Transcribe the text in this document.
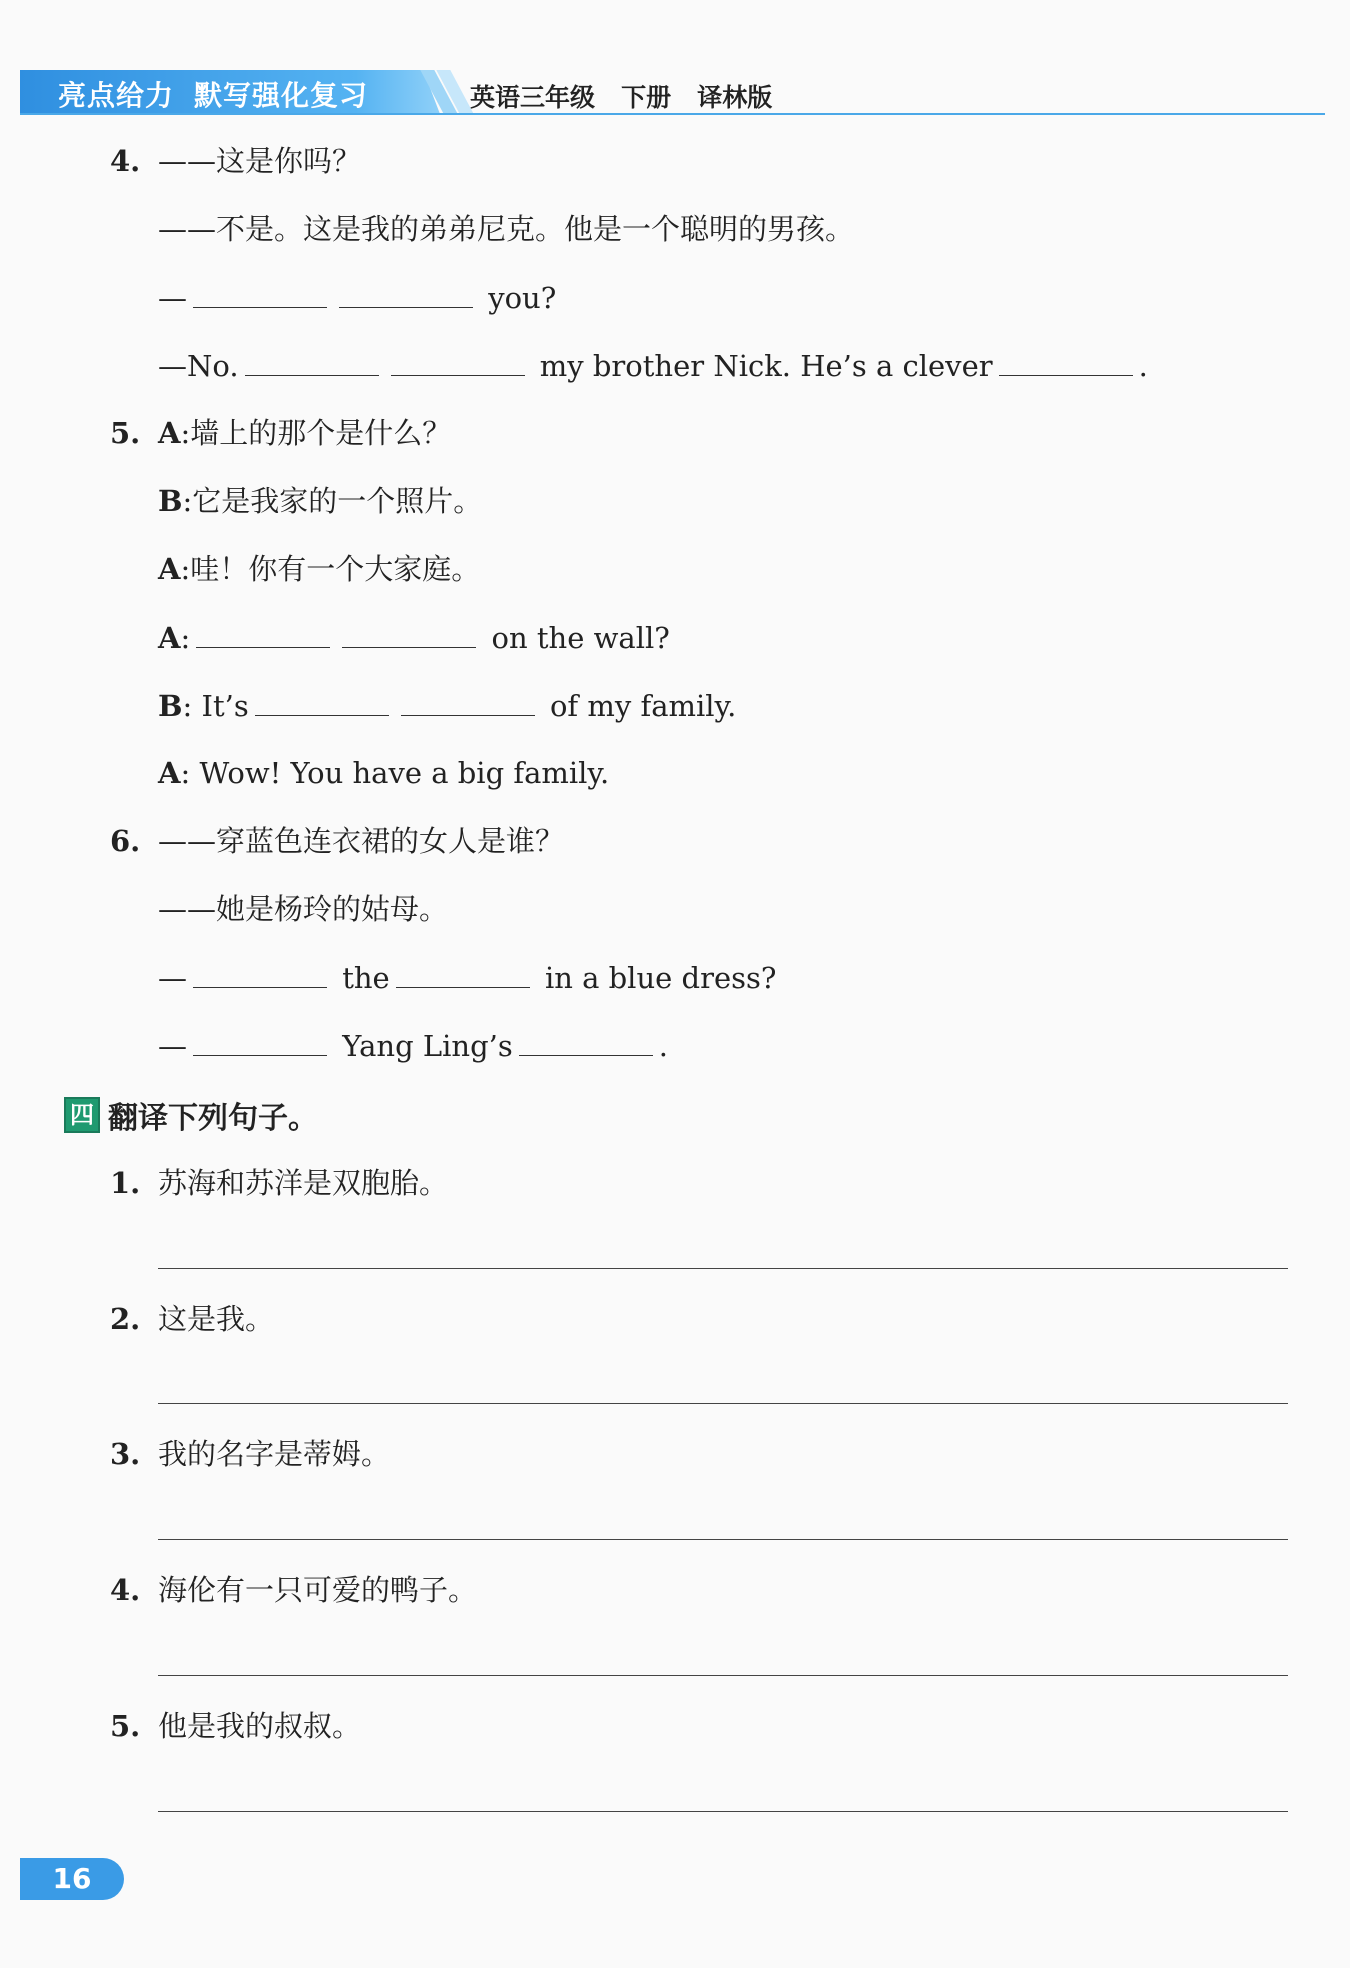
亮点给力 默写强化复习	英语三年级   下册   译林版
4. ——这是你吗？
——不是。这是我的弟弟尼克。他是一个聪明的男孩。
—	you?
—No.	my brother Nick. He’s a clever	.
5. A:墙上的那个是什么？
B:它是我家的一个照片。
A:哇！你有一个大家庭。
A:	on the wall?
B: It’s	of my family.
A: Wow! You have a big family.
6. ——穿蓝色连衣裙的女人是谁？
——她是杨玲的姑母。
—	the	in a blue dress?
—	Yang Ling’s	.
四 翻译下列句子。
1. 苏海和苏洋是双胞胎。
2. 这是我。
3. 我的名字是蒂姆。
4. 海伦有一只可爱的鸭子。
5. 他是我的叔叔。
16
